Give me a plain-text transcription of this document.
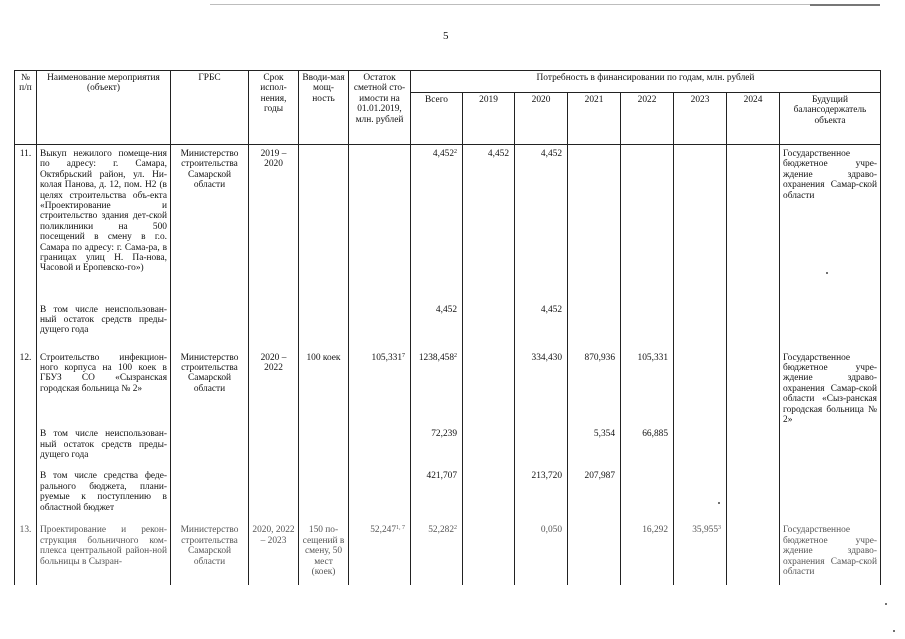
5
№ п/п	Наименование мероприятия (объект)	ГРБС	Срок испол-нения, годы	Вводи-мая мощ-ность	Остаток сметной сто-имости на 01.01.2019, млн. рублей	Потребность в финансировании по годам, млн. рублей							
						Всего	2019	2020	2021	2022	2023	2024	Будущий балансодержатель объекта
11.	Выкуп нежилого помеще-ния по адресу: г. Самара, Октябрьский район, ул. Ни-колая Панова, д. 12, пом. Н2 (в целях строительства объ-екта «Проектирование и строительство здания дет-ской поликлиники на 500 посещений в смену в г.о. Самара по адресу: г. Сама-ра, в границах улиц Н. Па-нова, Часовой и Еропевско-го»)	Министерство строительства Самарской области	2019 – 2020			4,452$^2$	4,452	4,452					Государственное бюджетное учре-ждение здраво-охранения Самар-ской области
	В том числе неиспользован-ный остаток средств преды-дущего года					4,452		4,452					
12.	Строительство инфекцион-ного корпуса на 100 коек в ГБУЗ СО «Сызранская городская больница № 2»	Министерство строительства Самарской области	2020 – 2022	100 коек	105,331$^7$	1238,458$^2$		334,430	870,936	105,331			Государственное бюджетное учре-ждение здраво-охранения Самар-ской области «Сыз-ранская городская больница № 2»
	В том числе неиспользован-ный остаток средств преды-дущего года					72,239			5,354	66,885			
	В том числе средства феде-рального бюджета, плани-руемые к поступлению в областной бюджет					421,707		213,720	207,987				
13.	Проектирование и рекон-струкция больничного ком-плекса центральной район-ной больницы в Сызран-	Министерство строительства Самарской области	2020, 2022 – 2023	150 по-сещений в смену, 50 мест (коек)	52,247$^{1, 7}$	52,282$^2$		0,050		16,292	35,955$^3$		Государственное бюджетное учре-ждение здраво-охранения Самар-ской области
